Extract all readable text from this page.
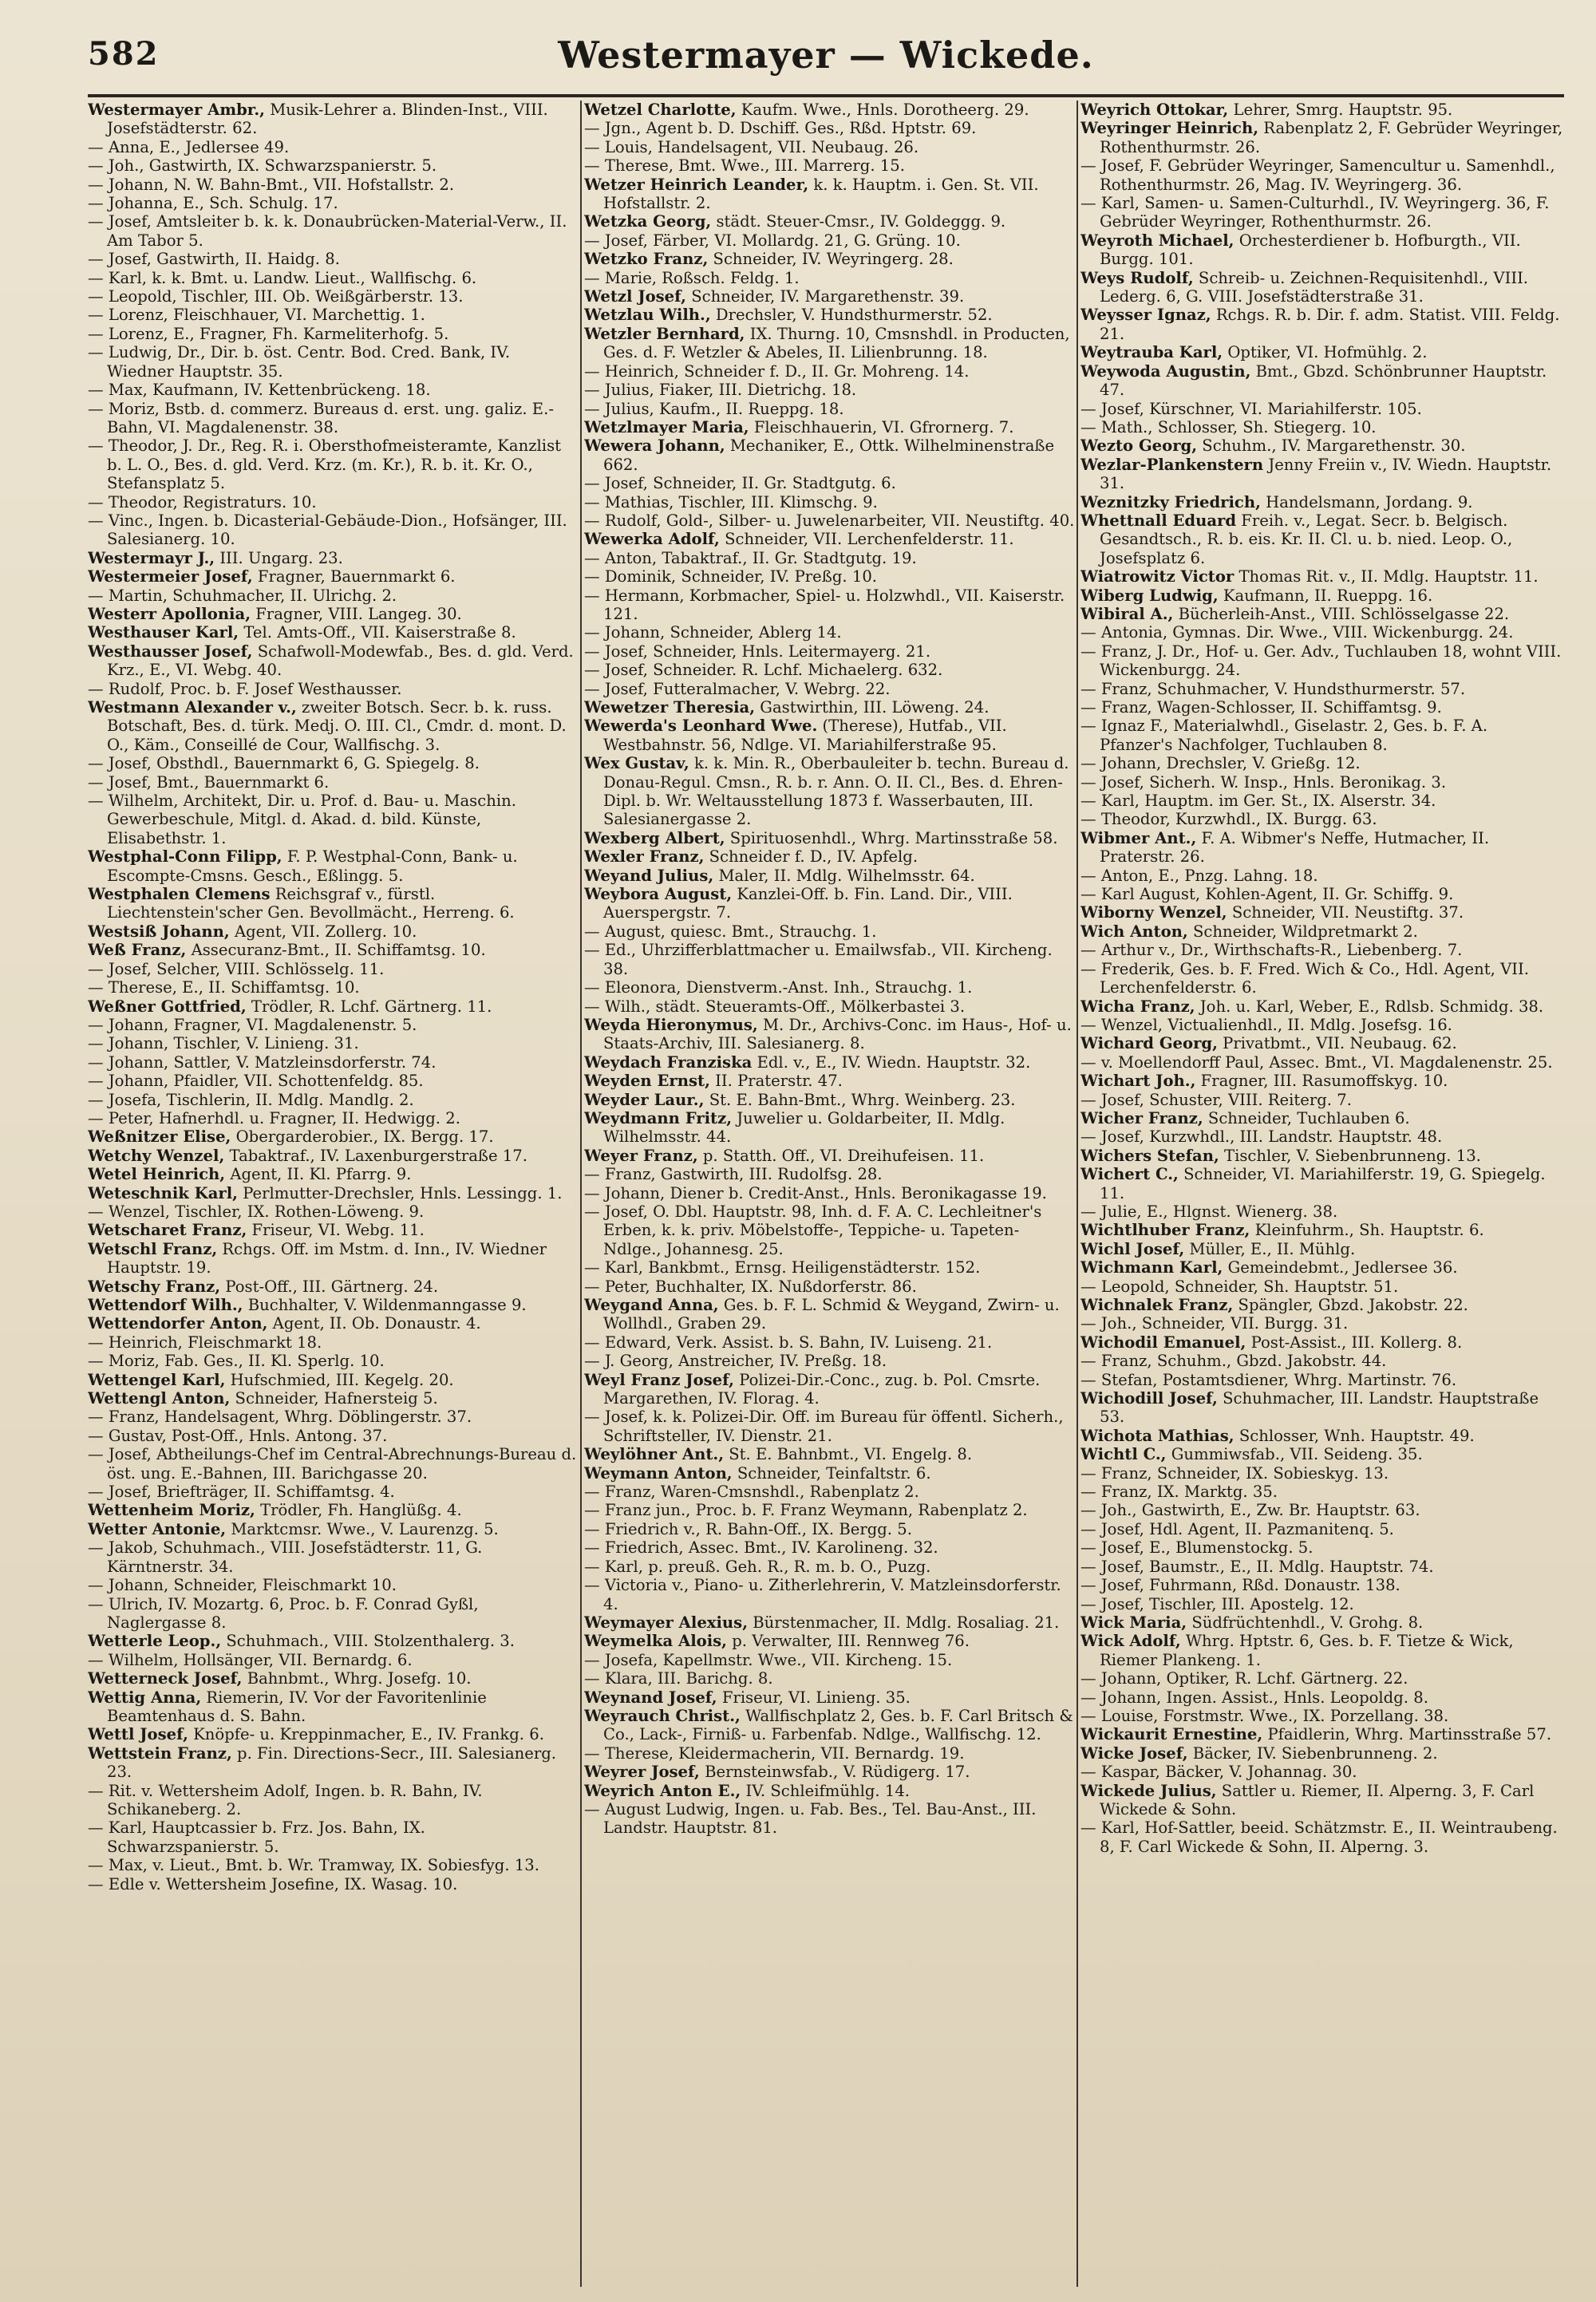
582	Westermayer — Wickede.

Westermayer Ambr., Musik-Lehrer a. Blinden-Inst., VIII. Josefstädterstr. 62.

— Anna, E., Jedlersee 49.

— Joh., Gastwirth, IX. Schwarzspanierstr. 5.

— Johann, N. W. Bahn-Bmt., VII. Hofstallstr. 2.

— Johanna, E., Sch. Schulg. 17.

— Josef, Amtsleiter b. k. k. Donaubrücken-Material-Verw., II. Am Tabor 5.

— Josef, Gastwirth, II. Haidg. 8.

— Karl, k. k. Bmt. u. Landw. Lieut., Wallfischg. 6.

— Leopold, Tischler, III. Ob. Weißgärberstr. 13.

— Lorenz, Fleischhauer, VI. Marchettig. 1.

— Lorenz, E., Fragner, Fh. Karmeliterhofg. 5.

— Ludwig, Dr., Dir. b. öst. Centr. Bod. Cred. Bank, IV. Wiedner Hauptstr. 35.

— Max, Kaufmann, IV. Kettenbrückeng. 18.

— Moriz, Bstb. d. commerz. Bureaus d. erst. ung. galiz. E.-Bahn, VI. Magdalenenstr. 38.

— Theodor, J. Dr., Reg. R. i. Obersthofmeisteramte, Kanzlist b. L. O., Bes. d. gld. Verd. Krz. (m. Kr.), R. b. it. Kr. O., Stefansplatz 5.

— Theodor, Registraturs. 10.

— Vinc., Ingen. b. Dicasterial-Gebäude-Dion., Hofsänger, III. Salesianerg. 10.

Westermayr J., III. Ungarg. 23.

Westermeier Josef, Fragner, Bauernmarkt 6.

— Martin, Schuhmacher, II. Ulrichg. 2.

Westerr Apollonia, Fragner, VIII. Langeg. 30.

Westhauser Karl, Tel. Amts-Off., VII. Kaiserstraße 8.

Westhausser Josef, Schafwoll-Modewfab., Bes. d. gld. Verd. Krz., E., VI. Webg. 40.

— Rudolf, Proc. b. F. Josef Westhausser.

Westmann Alexander v., zweiter Botsch. Secr. b. k. russ. Botschaft, Bes. d. türk. Medj. O. III. Cl., Cmdr. d. mont. D. O., Käm., Conseillé de Cour, Wallfischg. 3.

— Josef, Obsthdl., Bauernmarkt 6, G. Spiegelg. 8.

— Josef, Bmt., Bauernmarkt 6.

— Wilhelm, Architekt, Dir. u. Prof. d. Bau- u. Maschin. Gewerbeschule, Mitgl. d. Akad. d. bild. Künste, Elisabethstr. 1.

Westphal-Conn Filipp, F. P. Westphal-Conn, Bank- u. Escompte-Cmsns. Gesch., Eßlingg. 5.

Westphalen Clemens Reichsgraf v., fürstl. Liechtenstein'scher Gen. Bevollmächt., Herreng. 6.

Westsiß Johann, Agent, VII. Zollerg. 10.

Weß Franz, Assecuranz-Bmt., II. Schiffamtsg. 10.

— Josef, Selcher, VIII. Schlösselg. 11.

— Therese, E., II. Schiffamtsg. 10.

Weßner Gottfried, Trödler, R. Lchf. Gärtnerg. 11.

— Johann, Fragner, VI. Magdalenenstr. 5.

— Johann, Tischler, V. Linieng. 31.

— Johann, Sattler, V. Matzleinsdorferstr. 74.

— Johann, Pfaidler, VII. Schottenfeldg. 85.

— Josefa, Tischlerin, II. Mdlg. Mandlg. 2.

— Peter, Hafnerhdl. u. Fragner, II. Hedwigg. 2.

Weßnitzer Elise, Obergarderobier., IX. Bergg. 17.

Wetchy Wenzel, Tabaktraf., IV. Laxenburgerstraße 17.

Wetel Heinrich, Agent, II. Kl. Pfarrg. 9.

Weteschnik Karl, Perlmutter-Drechsler, Hnls. Lessingg. 1.

— Wenzel, Tischler, IX. Rothen-Löweng. 9.

Wetscharet Franz, Friseur, VI. Webg. 11.

Wetschl Franz, Rchgs. Off. im Mstm. d. Inn., IV. Wiedner Hauptstr. 19.

Wetschy Franz, Post-Off., III. Gärtnerg. 24.

Wettendorf Wilh., Buchhalter, V. Wildenmanngasse 9.

Wettendorfer Anton, Agent, II. Ob. Donaustr. 4.

— Heinrich, Fleischmarkt 18.

— Moriz, Fab. Ges., II. Kl. Sperlg. 10.

Wettengel Karl, Hufschmied, III. Kegelg. 20.

Wettengl Anton, Schneider, Hafnersteig 5.

— Franz, Handelsagent, Whrg. Döblingerstr. 37.

— Gustav, Post-Off., Hnls. Antong. 37.

— Josef, Abtheilungs-Chef im Central-Abrechnungs-Bureau d. öst. ung. E.-Bahnen, III. Barichgasse 20.

— Josef, Briefträger, II. Schiffamtsg. 4.

Wettenheim Moriz, Trödler, Fh. Hanglüßg. 4.

Wetter Antonie, Marktcmsr. Wwe., V. Laurenzg. 5.

— Jakob, Schuhmach., VIII. Josefstädterstr. 11, G. Kärntnerstr. 34.

— Johann, Schneider, Fleischmarkt 10.

— Ulrich, IV. Mozartg. 6, Proc. b. F. Conrad Gyßl, Naglergasse 8.

Wetterle Leop., Schuhmach., VIII. Stolzenthalerg. 3.

— Wilhelm, Hollsänger, VII. Bernardg. 6.

Wetterneck Josef, Bahnbmt., Whrg. Josefg. 10.

Wettig Anna, Riemerin, IV. Vor der Favoritenlinie Beamtenhaus d. S. Bahn.

Wettl Josef, Knöpfe- u. Kreppinmacher, E., IV. Frankg. 6.

Wettstein Franz, p. Fin. Directions-Secr., III. Salesianerg. 23.

— Rit. v. Wettersheim Adolf, Ingen. b. R. Bahn, IV. Schikaneberg. 2.

— Karl, Hauptcassier b. Frz. Jos. Bahn, IX. Schwarzspanierstr. 5.

— Max, v. Lieut., Bmt. b. Wr. Tramway, IX. Sobiesfyg. 13.

— Edle v. Wettersheim Josefine, IX. Wasag. 10.

Wetzel Charlotte, Kaufm. Wwe., Hnls. Dorotheerg. 29.

— Jgn., Agent b. D. Dschiff. Ges., Rßd. Hptstr. 69.

— Louis, Handelsagent, VII. Neubaug. 26.

— Therese, Bmt. Wwe., III. Marrerg. 15.

Wetzer Heinrich Leander, k. k. Hauptm. i. Gen. St. VII. Hofstallstr. 2.

Wetzka Georg, städt. Steuer-Cmsr., IV. Goldeggg. 9.

— Josef, Färber, VI. Mollardg. 21, G. Grüng. 10.

Wetzko Franz, Schneider, IV. Weyringerg. 28.

— Marie, Roßsch. Feldg. 1.

Wetzl Josef, Schneider, IV. Margarethenstr. 39.

Wetzlau Wilh., Drechsler, V. Hundsthurmerstr. 52.

Wetzler Bernhard, IX. Thurng. 10, Cmsnshdl. in Producten, Ges. d. F. Wetzler & Abeles, II. Lilienbrunng. 18.

— Heinrich, Schneider f. D., II. Gr. Mohreng. 14.

— Julius, Fiaker, III. Dietrichg. 18.

— Julius, Kaufm., II. Rueppg. 18.

Wetzlmayer Maria, Fleischhauerin, VI. Gfrornerg. 7.

Wewera Johann, Mechaniker, E., Ottk. Wilhelminenstraße 662.

— Josef, Schneider, II. Gr. Stadtgutg. 6.

— Mathias, Tischler, III. Klimschg. 9.

— Rudolf, Gold-, Silber- u. Juwelenarbeiter, VII. Neustiftg. 40.

Wewerka Adolf, Schneider, VII. Lerchenfelderstr. 11.

— Anton, Tabaktraf., II. Gr. Stadtgutg. 19.

— Dominik, Schneider, IV. Preßg. 10.

— Hermann, Korbmacher, Spiel- u. Holzwhdl., VII. Kaiserstr. 121.

— Johann, Schneider, Ablerg 14.

— Josef, Schneider, Hnls. Leitermayerg. 21.

— Josef, Schneider. R. Lchf. Michaelerg. 632.

— Josef, Futteralmacher, V. Webrg. 22.

Wewetzer Theresia, Gastwirthin, III. Löweng. 24.

Wewerda's Leonhard Wwe. (Therese), Hutfab., VII. Westbahnstr. 56, Ndlge. VI. Mariahilferstraße 95.

Wex Gustav, k. k. Min. R., Oberbauleiter b. techn. Bureau d. Donau-Regul. Cmsn., R. b. r. Ann. O. II. Cl., Bes. d. Ehren-Dipl. b. Wr. Weltausstellung 1873 f. Wasserbauten, III. Salesianergasse 2.

Wexberg Albert, Spirituosenhdl., Whrg. Martinsstraße 58.

Wexler Franz, Schneider f. D., IV. Apfelg.

Weyand Julius, Maler, II. Mdlg. Wilhelmsstr. 64.

Weybora August, Kanzlei-Off. b. Fin. Land. Dir., VIII. Auerspergstr. 7.

— August, quiesc. Bmt., Strauchg. 1.

— Ed., Uhrzifferblattmacher u. Emailwsfab., VII. Kircheng. 38.

— Eleonora, Dienstverm.-Anst. Inh., Strauchg. 1.

— Wilh., städt. Steueramts-Off., Mölkerbastei 3.

Weyda Hieronymus, M. Dr., Archivs-Conc. im Haus-, Hof- u. Staats-Archiv, III. Salesianerg. 8.

Weydach Franziska Edl. v., E., IV. Wiedn. Hauptstr. 32.

Weyden Ernst, II. Praterstr. 47.

Weyder Laur., St. E. Bahn-Bmt., Whrg. Weinberg. 23.

Weydmann Fritz, Juwelier u. Goldarbeiter, II. Mdlg. Wilhelmsstr. 44.

Weyer Franz, p. Statth. Off., VI. Dreihufeisen. 11.

— Franz, Gastwirth, III. Rudolfsg. 28.

— Johann, Diener b. Credit-Anst., Hnls. Beronikagasse 19.

— Josef, O. Dbl. Hauptstr. 98, Inh. d. F. A. C. Lechleitner's Erben, k. k. priv. Möbelstoffe-, Teppiche- u. Tapeten-Ndlge., Johannesg. 25.

— Karl, Bankbmt., Ernsg. Heiligenstädterstr. 152.

— Peter, Buchhalter, IX. Nußdorferstr. 86.

Weygand Anna, Ges. b. F. L. Schmid & Weygand, Zwirn- u. Wollhdl., Graben 29.

— Edward, Verk. Assist. b. S. Bahn, IV. Luiseng. 21.

— J. Georg, Anstreicher, IV. Preßg. 18.

Weyl Franz Josef, Polizei-Dir.-Conc., zug. b. Pol. Cmsrte. Margarethen, IV. Florag. 4.

— Josef, k. k. Polizei-Dir. Off. im Bureau für öffentl. Sicherh., Schriftsteller, IV. Dienstr. 21.

Weylöhner Ant., St. E. Bahnbmt., VI. Engelg. 8.

Weymann Anton, Schneider, Teinfaltstr. 6.

— Franz, Waren-Cmsnshdl., Rabenplatz 2.

— Franz jun., Proc. b. F. Franz Weymann, Rabenplatz 2.

— Friedrich v., R. Bahn-Off., IX. Bergg. 5.

— Friedrich, Assec. Bmt., IV. Karolineng. 32.

— Karl, p. preuß. Geh. R., R. m. b. O., Puzg.

— Victoria v., Piano- u. Zitherlehrerin, V. Matzleinsdorferstr. 4.

Weymayer Alexius, Bürstenmacher, II. Mdlg. Rosaliag. 21.

Weymelka Alois, p. Verwalter, III. Rennweg 76.

— Josefa, Kapellmstr. Wwe., VII. Kircheng. 15.

— Klara, III. Barichg. 8.

Weynand Josef, Friseur, VI. Linieng. 35.

Weyrauch Christ., Wallfischplatz 2, Ges. b. F. Carl Britsch & Co., Lack-, Firniß- u. Farbenfab. Ndlge., Wallfischg. 12.

— Therese, Kleidermacherin, VII. Bernardg. 19.

Weyrer Josef, Bernsteinwsfab., V. Rüdigerg. 17.

Weyrich Anton E., IV. Schleifmühlg. 14.

— August Ludwig, Ingen. u. Fab. Bes., Tel. Bau-Anst., III. Landstr. Hauptstr. 81.

Weyrich Ottokar, Lehrer, Smrg. Hauptstr. 95.

Weyringer Heinrich, Rabenplatz 2, F. Gebrüder Weyringer, Rothenthurmstr. 26.

— Josef, F. Gebrüder Weyringer, Samencultur u. Samenhdl., Rothenthurmstr. 26, Mag. IV. Weyringerg. 36.

— Karl, Samen- u. Samen-Culturhdl., IV. Weyringerg. 36, F. Gebrüder Weyringer, Rothenthurmstr. 26.

Weyroth Michael, Orchesterdiener b. Hofburgth., VII. Burgg. 101.

Weys Rudolf, Schreib- u. Zeichnen-Requisitenhdl., VIII. Lederg. 6, G. VIII. Josefstädterstraße 31.

Weysser Ignaz, Rchgs. R. b. Dir. f. adm. Statist. VIII. Feldg. 21.

Weytrauba Karl, Optiker, VI. Hofmühlg. 2.

Weywoda Augustin, Bmt., Gbzd. Schönbrunner Hauptstr. 47.

— Josef, Kürschner, VI. Mariahilferstr. 105.

— Math., Schlosser, Sh. Stiegerg. 10.

Wezto Georg, Schuhm., IV. Margarethenstr. 30.

Wezlar-Plankenstern Jenny Freiin v., IV. Wiedn. Hauptstr. 31.

Weznitzky Friedrich, Handelsmann, Jordang. 9.

Whettnall Eduard Freih. v., Legat. Secr. b. Belgisch. Gesandtsch., R. b. eis. Kr. II. Cl. u. b. nied. Leop. O., Josefsplatz 6.

Wiatrowitz Victor Thomas Rit. v., II. Mdlg. Hauptstr. 11.

Wiberg Ludwig, Kaufmann, II. Rueppg. 16.

Wibiral A., Bücherleih-Anst., VIII. Schlösselgasse 22.

— Antonia, Gymnas. Dir. Wwe., VIII. Wickenburgg. 24.

— Franz, J. Dr., Hof- u. Ger. Adv., Tuchlauben 18, wohnt VIII. Wickenburgg. 24.

— Franz, Schuhmacher, V. Hundsthurmerstr. 57.

— Franz, Wagen-Schlosser, II. Schiffamtsg. 9.

— Ignaz F., Materialwhdl., Giselastr. 2, Ges. b. F. A. Pfanzer's Nachfolger, Tuchlauben 8.

— Johann, Drechsler, V. Grießg. 12.

— Josef, Sicherh. W. Insp., Hnls. Beronikag. 3.

— Karl, Hauptm. im Ger. St., IX. Alserstr. 34.

— Theodor, Kurzwhdl., IX. Burgg. 63.

Wibmer Ant., F. A. Wibmer's Neffe, Hutmacher, II. Praterstr. 26.

— Anton, E., Pnzg. Lahng. 18.

— Karl August, Kohlen-Agent, II. Gr. Schiffg. 9.

Wiborny Wenzel, Schneider, VII. Neustiftg. 37.

Wich Anton, Schneider, Wildpretmarkt 2.

— Arthur v., Dr., Wirthschafts-R., Liebenberg. 7.

— Frederik, Ges. b. F. Fred. Wich & Co., Hdl. Agent, VII. Lerchenfelderstr. 6.

Wicha Franz, Joh. u. Karl, Weber, E., Rdlsb. Schmidg. 38.

— Wenzel, Victualienhdl., II. Mdlg. Josefsg. 16.

Wichard Georg, Privatbmt., VII. Neubaug. 62.

— v. Moellendorff Paul, Assec. Bmt., VI. Magdalenenstr. 25.

Wichart Joh., Fragner, III. Rasumoffskyg. 10.

— Josef, Schuster, VIII. Reiterg. 7.

Wicher Franz, Schneider, Tuchlauben 6.

— Josef, Kurzwhdl., III. Landstr. Hauptstr. 48.

Wichers Stefan, Tischler, V. Siebenbrunneng. 13.

Wichert C., Schneider, VI. Mariahilferstr. 19, G. Spiegelg. 11.

— Julie, E., Hlgnst. Wienerg. 38.

Wichtlhuber Franz, Kleinfuhrm., Sh. Hauptstr. 6.

Wichl Josef, Müller, E., II. Mühlg.

Wichmann Karl, Gemeindebmt., Jedlersee 36.

— Leopold, Schneider, Sh. Hauptstr. 51.

Wichnalek Franz, Spängler, Gbzd. Jakobstr. 22.

— Joh., Schneider, VII. Burgg. 31.

Wichodil Emanuel, Post-Assist., III. Kollerg. 8.

— Franz, Schuhm., Gbzd. Jakobstr. 44.

— Stefan, Postamtsdiener, Whrg. Martinstr. 76.

Wichodill Josef, Schuhmacher, III. Landstr. Hauptstraße 53.

Wichota Mathias, Schlosser, Wnh. Hauptstr. 49.

Wichtl C., Gummiwsfab., VII. Seideng. 35.

— Franz, Schneider, IX. Sobieskyg. 13.

— Franz, IX. Marktg. 35.

— Joh., Gastwirth, E., Zw. Br. Hauptstr. 63.

— Josef, Hdl. Agent, II. Pazmanitenq. 5.

— Josef, E., Blumenstockg. 5.

— Josef, Baumstr., E., II. Mdlg. Hauptstr. 74.

— Josef, Fuhrmann, Rßd. Donaustr. 138.

— Josef, Tischler, III. Apostelg. 12.

Wick Maria, Südfrüchtenhdl., V. Grohg. 8.

Wick Adolf, Whrg. Hptstr. 6, Ges. b. F. Tietze & Wick, Riemer Plankeng. 1.

— Johann, Optiker, R. Lchf. Gärtnerg. 22.

— Johann, Ingen. Assist., Hnls. Leopoldg. 8.

— Louise, Forstmstr. Wwe., IX. Porzellang. 38.

Wickaurit Ernestine, Pfaidlerin, Whrg. Martinsstraße 57.

Wicke Josef, Bäcker, IV. Siebenbrunneng. 2.

— Kaspar, Bäcker, V. Johannag. 30.

Wickede Julius, Sattler u. Riemer, II. Alperng. 3, F. Carl Wickede & Sohn.

— Karl, Hof-Sattler, beeid. Schätzmstr. E., II. Weintraubeng. 8, F. Carl Wickede & Sohn, II. Alperng. 3.
